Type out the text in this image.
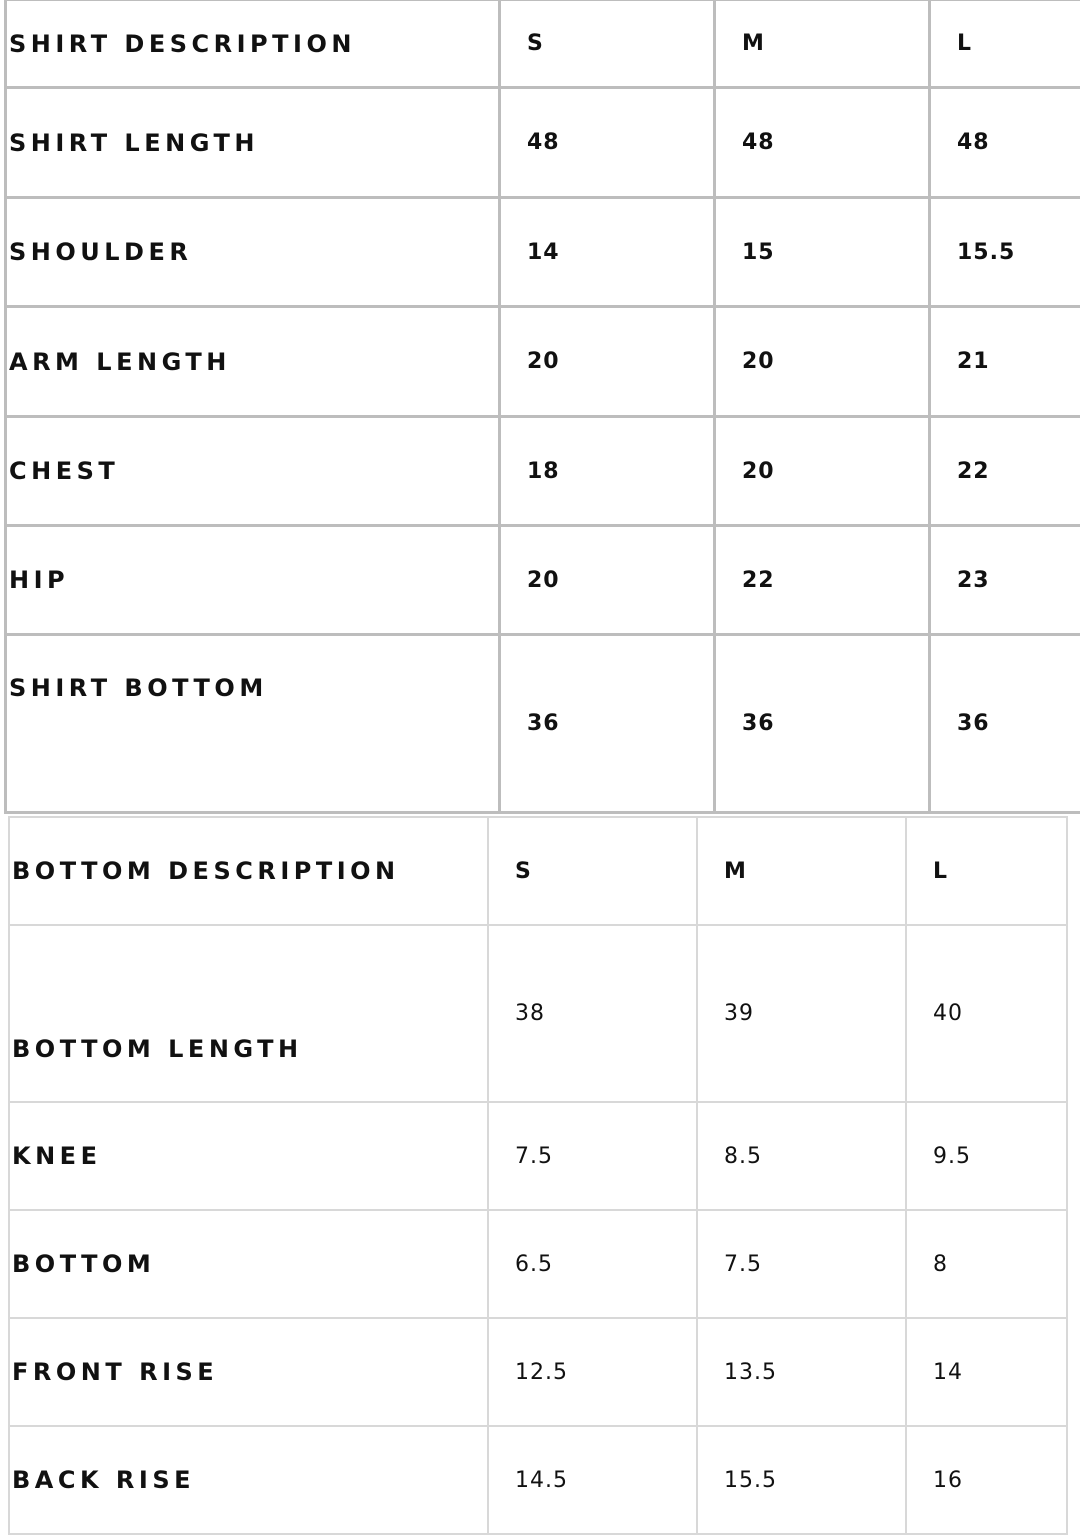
SHIRT DESCRIPTION	S	M	L
SHIRT LENGTH	48	48	48
SHOULDER	14	15	15.5
ARM LENGTH	20	20	21
CHEST	18	20	22
HIP	20	22	23
SHIRT BOTTOM	36	36	36
BOTTOM DESCRIPTION	S	M	L
BOTTOM LENGTH	38	39	40
KNEE	7.5	8.5	9.5
BOTTOM	6.5	7.5	8
FRONT RISE	12.5	13.5	14
BACK RISE	14.5	15.5	16
